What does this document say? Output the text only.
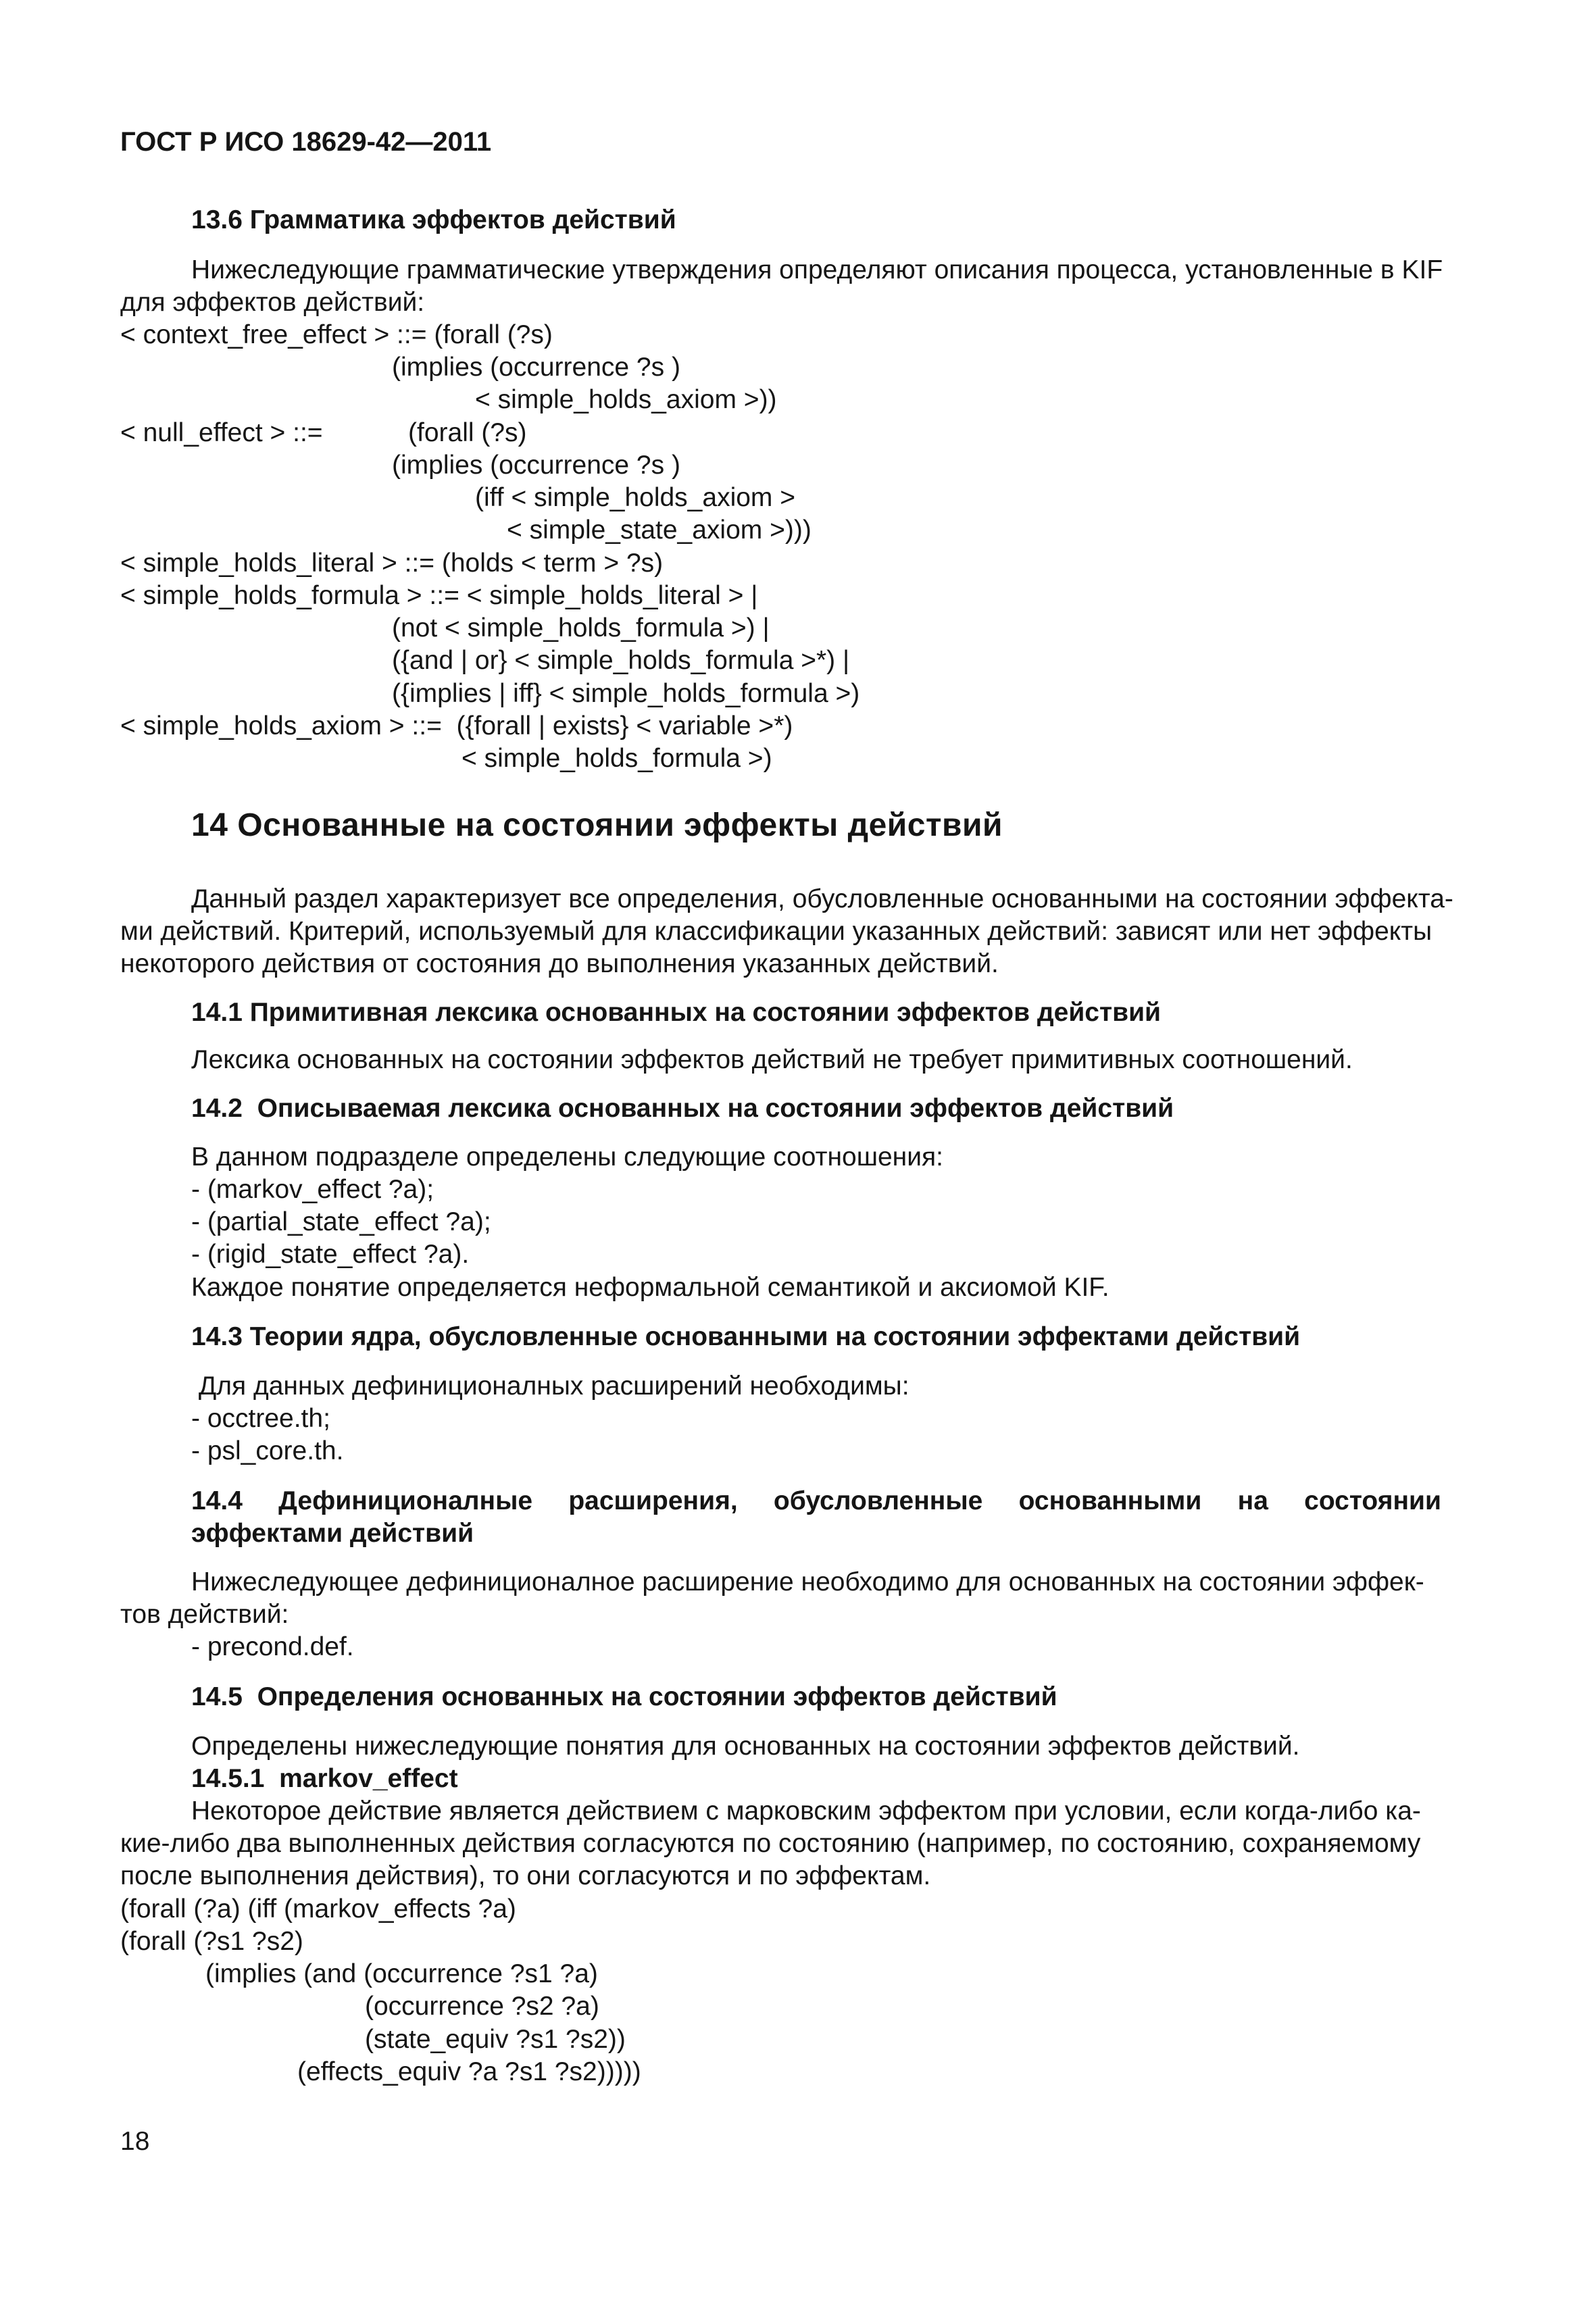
ГОСТ Р ИСО 18629-42—2011
13.6 Грамматика эффектов действий
Нижеследующие грамматические утверждения определяют описания процесса, установленные в KIF
для эффектов действий:
< context_free_effect > ::= (forall (?s)
(implies (occurrence ?s )
< simple_holds_axiom >))
< null_effect > ::=	(forall (?s)
(implies (occurrence ?s )
(iff < simple_holds_axiom >
< simple_state_axiom >)))
< simple_holds_literal > ::= (holds < term > ?s)
< simple_holds_formula > ::= < simple_holds_literal > |
(not < simple_holds_formula >) |
({and | or} < simple_holds_formula >*) |
({implies | iff} < simple_holds_formula >)
< simple_holds_axiom > ::=  ({forall | exists} < variable >*)
< simple_holds_formula >)
14 Основанные на состоянии эффекты действий
Данный раздел характеризует все определения, обусловленные основанными на состоянии эффекта-
ми действий. Критерий, используемый для классификации указанных действий: зависят или нет эффекты
некоторого действия от состояния до выполнения указанных действий.
14.1 Примитивная лексика основанных на состоянии эффектов действий
Лексика основанных на состоянии эффектов действий не требует примитивных соотношений.
14.2  Описываемая лексика основанных на состоянии эффектов действий
В данном подразделе определены следующие соотношения:
- (markov_effect ?a);
- (partial_state_effect ?a);
- (rigid_state_effect ?a).
Каждое понятие определяется неформальной семантикой и аксиомой KIF.
14.3 Теории ядра, обусловленные основанными на состоянии эффектами действий
Для данных дефиниционалных расширений необходимы:
- occtree.th;
- psl_core.th.
14.4 Дефиниционалные расширения, обусловленные основанными на состоянии
эффектами действий
Нижеследующее дефиниционалное расширение необходимо для основанных на состоянии эффек-
тов действий:
- precond.def.
14.5  Определения основанных на состоянии эффектов действий
Определены нижеследующие понятия для основанных на состоянии эффектов действий.
14.5.1  markov_effect
Некоторое действие является действием с марковским эффектом при условии, если когда-либо ка-
кие-либо два выполненных действия согласуются по состоянию (например, по состоянию, сохраняемому
после выполнения действия), то они согласуются и по эффектам.
(forall (?a) (iff (markov_effects ?a)
(forall (?s1 ?s2)
(implies (and (occurrence ?s1 ?a)
(occurrence ?s2 ?a)
(state_equiv ?s1 ?s2))
(effects_equiv ?a ?s1 ?s2)))))
18
